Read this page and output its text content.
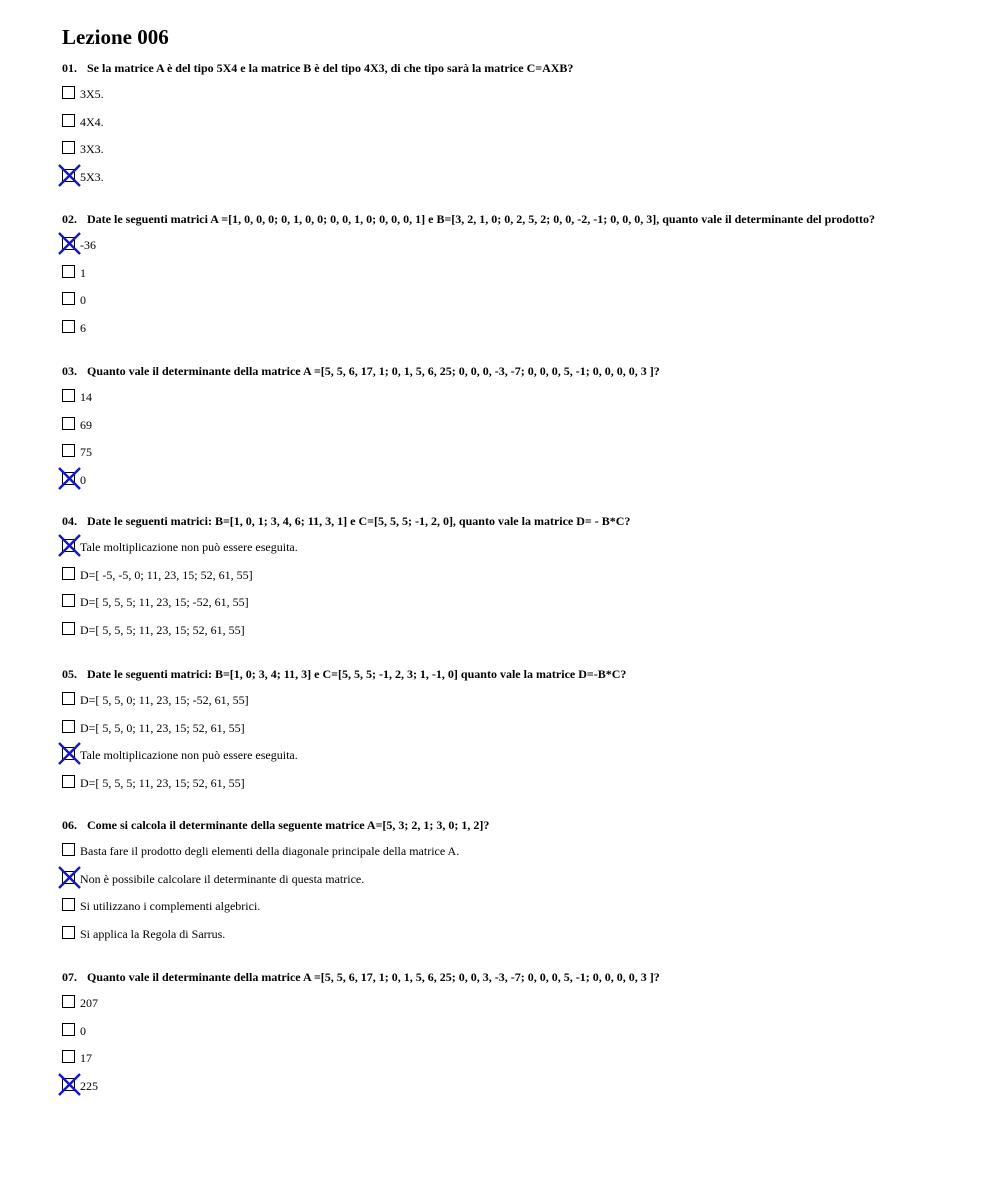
Lezione 006
01. Se la matrice A è del tipo 5X4 e la matrice B è del tipo 4X3, di che tipo sarà la matrice C=AXB?
3X5.
4X4.
3X3.
5X3.
02. Date le seguenti matrici A =[1, 0, 0, 0; 0, 1, 0, 0; 0, 0, 1, 0; 0, 0, 0, 1] e B=[3, 2, 1, 0; 0, 2, 5, 2; 0, 0, -2, -1; 0, 0, 0, 3], quanto vale il determinante del prodotto?
-36
1
0
6
03. Quanto vale il determinante della matrice A =[5, 5, 6, 17, 1; 0, 1, 5, 6, 25; 0, 0, 0, -3, -7; 0, 0, 0, 5, -1; 0, 0, 0, 0, 3 ]?
14
69
75
0
04. Date le seguenti matrici: B=[1, 0, 1; 3, 4, 6; 11, 3, 1] e C=[5, 5, 5; -1, 2, 0], quanto vale la matrice D= - B*C?
Tale moltiplicazione non può essere eseguita.
D=[ -5, -5, 0; 11, 23, 15; 52, 61, 55]
D=[ 5, 5, 5; 11, 23, 15; -52, 61, 55]
D=[ 5, 5, 5; 11, 23, 15; 52, 61, 55]
05. Date le seguenti matrici: B=[1, 0; 3, 4; 11, 3] e C=[5, 5, 5; -1, 2, 3; 1, -1, 0] quanto vale la matrice D=-B*C?
D=[ 5, 5, 0; 11, 23, 15; -52, 61, 55]
D=[ 5, 5, 0; 11, 23, 15; 52, 61, 55]
Tale moltiplicazione non può essere eseguita.
D=[ 5, 5, 5; 11, 23, 15; 52, 61, 55]
06. Come si calcola il determinante della seguente matrice A=[5, 3; 2, 1; 3, 0; 1, 2]?
Basta fare il prodotto degli elementi della diagonale principale della matrice A.
Non è possibile calcolare il determinante di questa matrice.
Si utilizzano i complementi algebrici.
Si applica la Regola di Sarrus.
07. Quanto vale il determinante della matrice A =[5, 5, 6, 17, 1; 0, 1, 5, 6, 25; 0, 0, 3, -3, -7; 0, 0, 0, 5, -1; 0, 0, 0, 0, 3 ]?
207
0
17
225
